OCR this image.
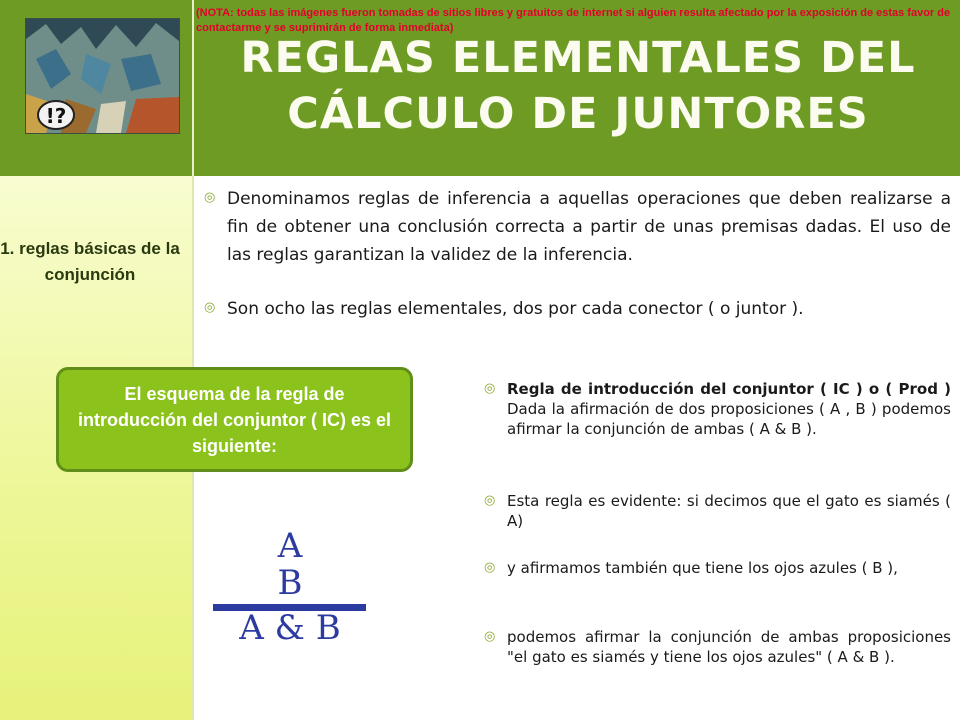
!?

(NOTA: todas las imágenes fueron tomadas de sitios libres y gratuitos de internet si alguien resulta afectado por la exposición de estas favor de contactarme y se suprimirán de forma inmediata)

REGLAS ELEMENTALES DEL
CÁLCULO DE JUNTORES

1. reglas básicas de la conjunción

◎ Denominamos reglas de inferencia a aquellas operaciones que deben realizarse a fin de obtener una conclusión correcta a partir de unas premisas dadas. El uso de las reglas garantizan la validez de la inferencia.

◎ Son ocho las reglas elementales, dos por cada conector ( o juntor ).

El esquema de la regla de introducción del conjuntor ( IC) es el siguiente:
A
B
A & B
◎ Regla de introducción del conjuntor ( IC ) o ( Prod ) Dada la afirmación de dos proposiciones ( A , B ) podemos afirmar la conjunción de ambas ( A & B ).

◎ Esta regla es evidente: si decimos que el gato es siamés ( A)

◎ y afirmamos también que tiene los ojos azules ( B ),

◎ podemos afirmar la conjunción de ambas proposiciones "el gato es siamés y tiene los ojos azules" ( A & B ).
